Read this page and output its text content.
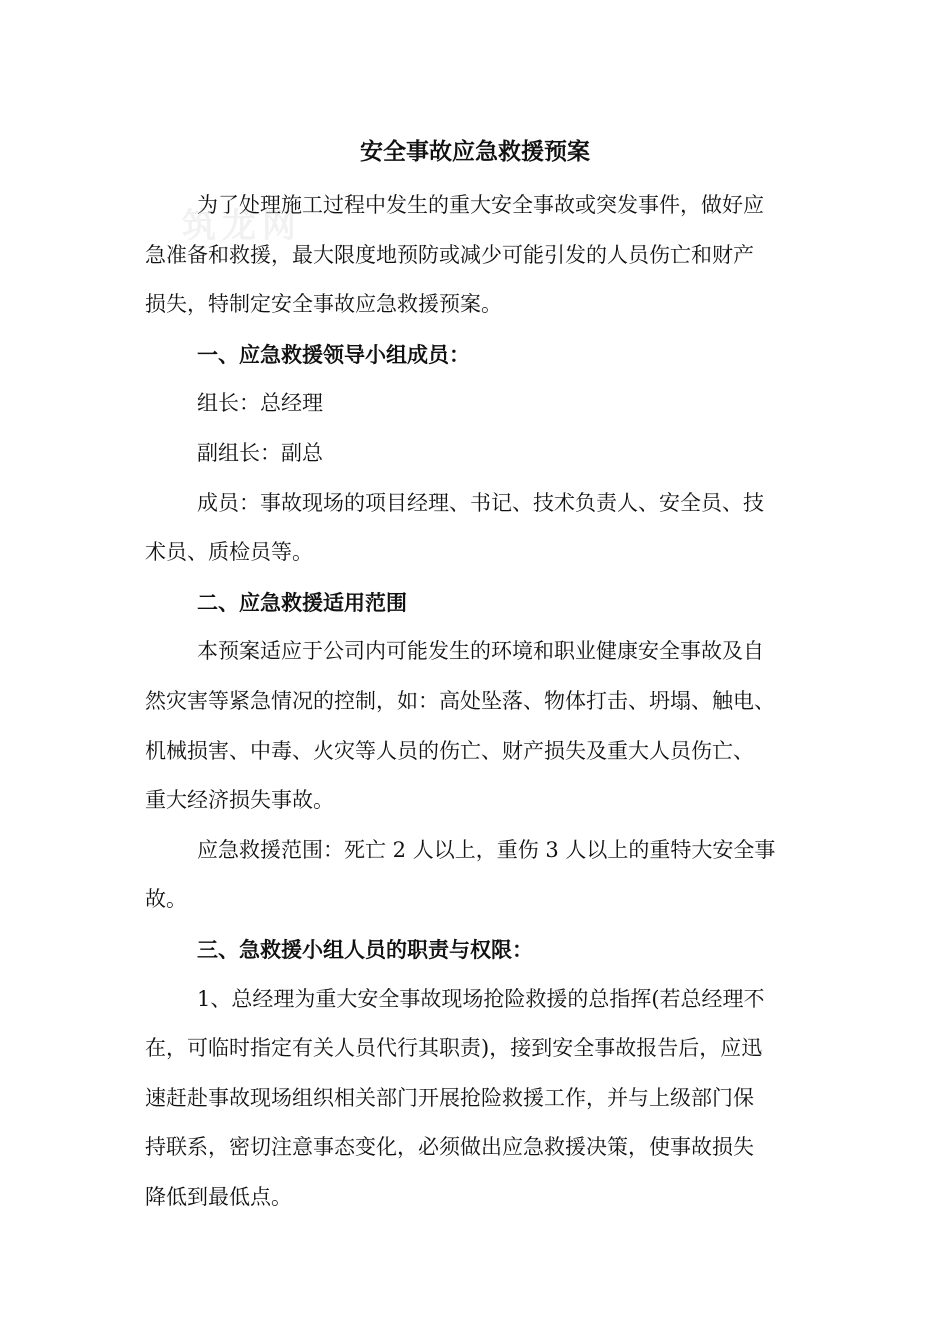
筑龙网
安全事故应急救援预案

为了处理施工过程中发生的重大安全事故或突发事件，做好应

急准备和救援，最大限度地预防或减少可能引发的人员伤亡和财产

损失，特制定安全事故应急救援预案。

一、应急救援领导小组成员：

组长：总经理

副组长：副总

成员：事故现场的项目经理、书记、技术负责人、安全员、技

术员、质检员等。

二、应急救援适用范围

本预案适应于公司内可能发生的环境和职业健康安全事故及自

然灾害等紧急情况的控制，如：高处坠落、物体打击、坍塌、触电、

机械损害、中毒、火灾等人员的伤亡、财产损失及重大人员伤亡、

重大经济损失事故。

应急救援范围：死亡 2 人以上，重伤 3 人以上的重特大安全事

故。

三、急救援小组人员的职责与权限：

1、总经理为重大安全事故现场抢险救援的总指挥(若总经理不

在，可临时指定有关人员代行其职责)，接到安全事故报告后，应迅

速赶赴事故现场组织相关部门开展抢险救援工作，并与上级部门保

持联系，密切注意事态变化，必须做出应急救援决策，使事故损失

降低到最低点。
